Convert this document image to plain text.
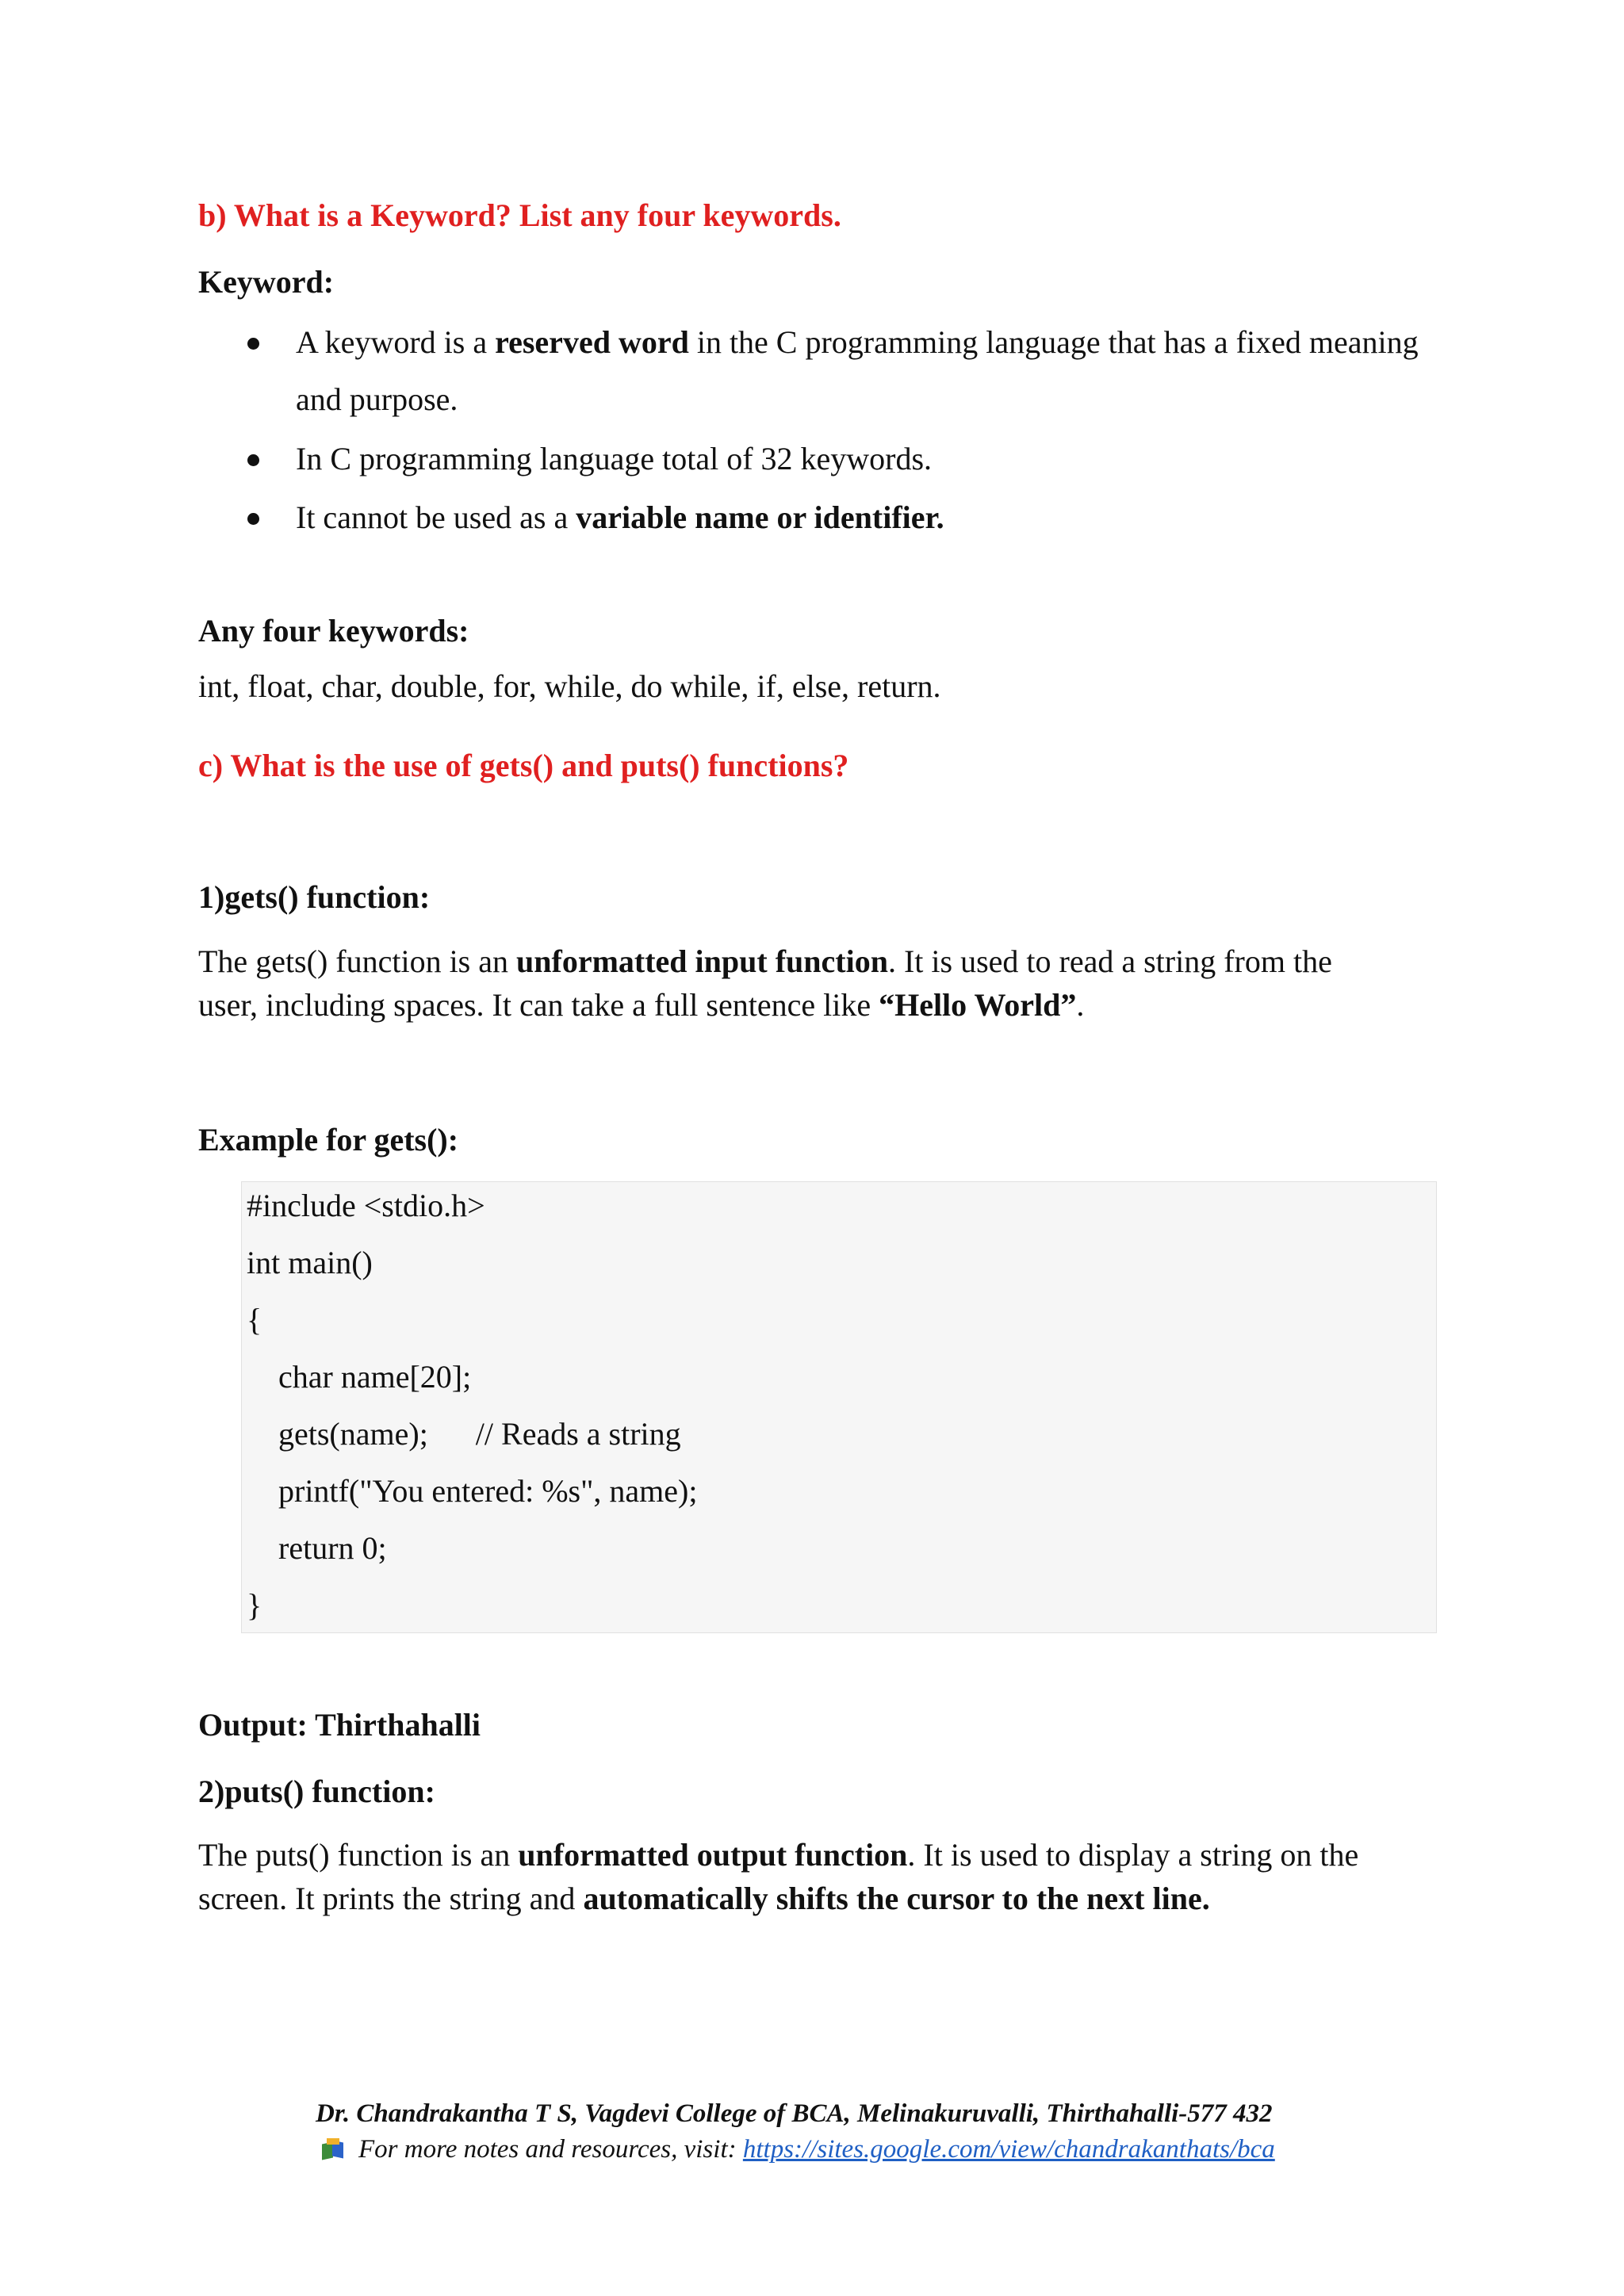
b) What is a Keyword? List any four keywords.
Keyword:
A keyword is a reserved word in the C programming language that has a fixed meaning
and purpose.
In C programming language total of 32 keywords.
It cannot be used as a variable name or identifier.
Any four keywords:
int, float, char, double, for, while, do while, if, else, return.
c) What is the use of gets() and puts() functions?
1)gets() function:
The gets() function is an unformatted input function. It is used to read a string from the
user, including spaces. It can take a full sentence like “Hello World”.
Example for gets():
#include <stdio.h>
int main()
{
char name[20];
gets(name);      // Reads a string
printf("You entered: %s", name);
return 0;
}
Output: Thirthahalli
2)puts() function:
The puts() function is an unformatted output function. It is used to display a string on the
screen. It prints the string and automatically shifts the cursor to the next line.
Dr. Chandrakantha T S, Vagdevi College of BCA, Melinakuruvalli, Thirthahalli-577 432
For more notes and resources, visit: https://sites.google.com/view/chandrakanthats/bca
